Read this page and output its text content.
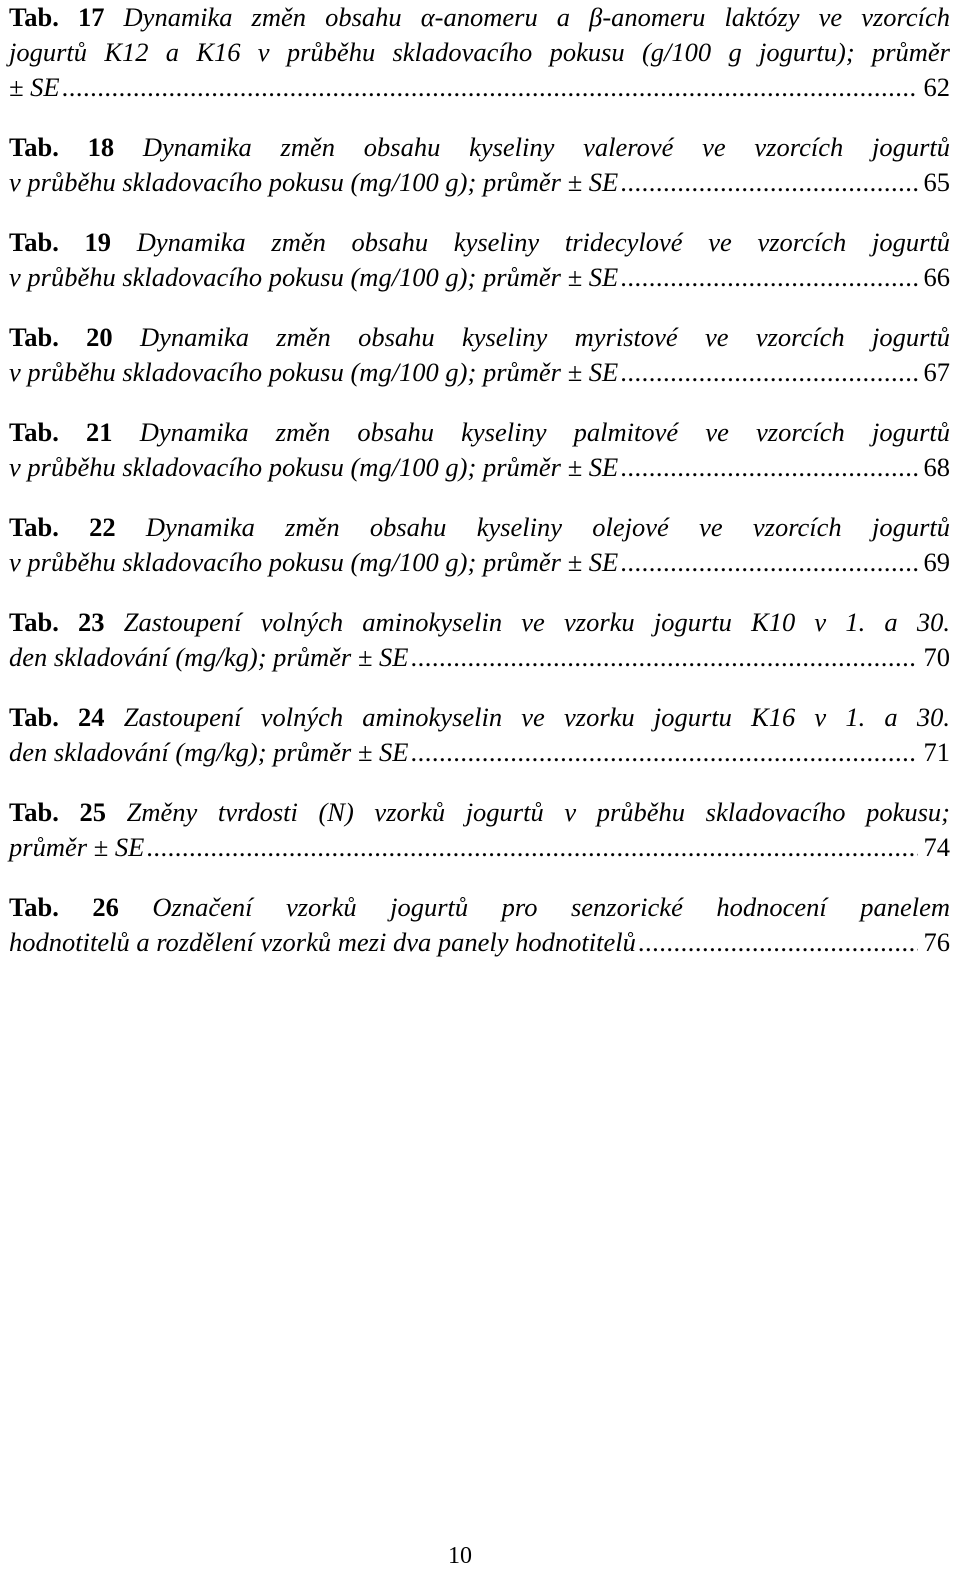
Tab. 17 Dynamika změn obsahu α-anomeru a β-anomeru laktózy ve vzorcích

jogurtů K12 a K16 v průběhu skladovacího pokusu (g/100 g jogurtu); průměr

± SE .....	62

Tab. 18 Dynamika změn obsahu kyseliny valerové ve vzorcích jogurtů

v průběhu skladovacího pokusu (mg/100 g); průměr ± SE .....	65

Tab. 19 Dynamika změn obsahu kyseliny tridecylové ve vzorcích jogurtů

v průběhu skladovacího pokusu (mg/100 g); průměr ± SE .....	66

Tab. 20 Dynamika změn obsahu kyseliny myristové ve vzorcích jogurtů

v průběhu skladovacího pokusu (mg/100 g); průměr ± SE .....	67

Tab. 21 Dynamika změn obsahu kyseliny palmitové ve vzorcích jogurtů

v průběhu skladovacího pokusu (mg/100 g); průměr ± SE .....	68

Tab. 22 Dynamika změn obsahu kyseliny olejové ve vzorcích jogurtů

v průběhu skladovacího pokusu (mg/100 g); průměr ± SE .....	69

Tab. 23 Zastoupení volných aminokyselin ve vzorku jogurtu K10 v 1. a 30.

den skladování (mg/kg); průměr ± SE .....	70

Tab. 24 Zastoupení volných aminokyselin ve vzorku jogurtu K16 v 1. a 30.

den skladování (mg/kg); průměr ± SE .....	71

Tab. 25 Změny tvrdosti (N) vzorků jogurtů v průběhu skladovacího pokusu;

průměr ± SE .....	74

Tab. 26 Označení vzorků jogurtů pro senzorické hodnocení panelem

hodnotitelů a rozdělení vzorků mezi dva panely hodnotitelů .....	76

10
